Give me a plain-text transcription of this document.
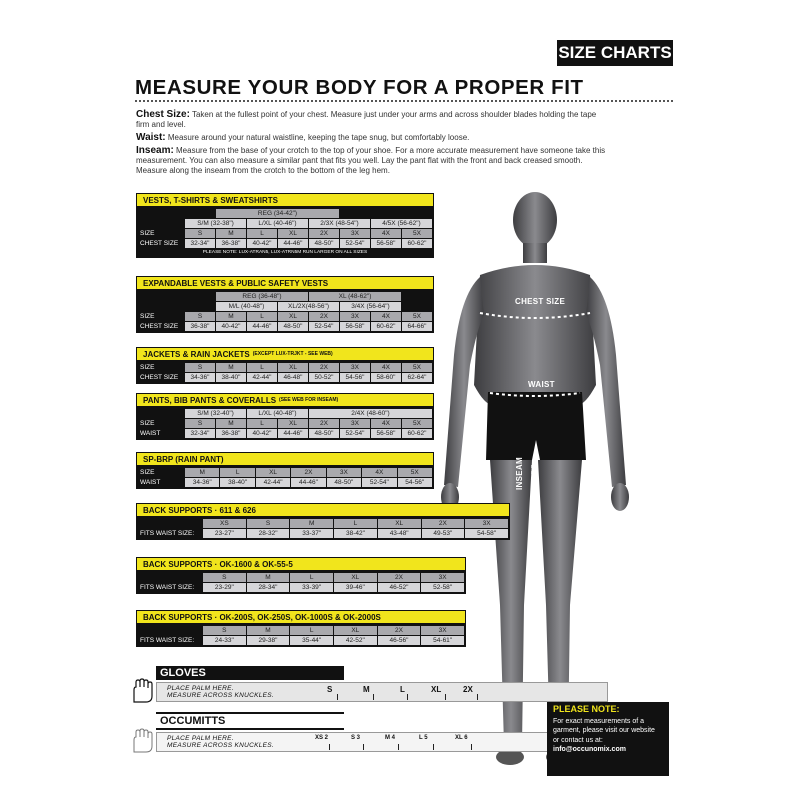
SIZE CHARTS
MEASURE YOUR BODY FOR A PROPER FIT

Chest Size: Taken at the fullest point of your chest. Measure just under your arms and across shoulder blades holding the tape firm and level.

Waist: Measure around your natural waistline, keeping the tape snug, but comfortably loose.

Inseam: Measure from the base of your crotch to the top of your shoe. For a more accurate measurement have someone take this measurement. You can also measure a similar pant that fits you well. Lay the pant flat with the front and back creased smooth. Measure along the inseam from the crotch to the bottom of the leg hem.

CHEST SIZE
WAIST
INSEAM
VESTS, T-SHIRTS & SWEATSHIRTS
		REG (34-42")						
	S/M (32-38")		L/XL (40-46")		2/3X (48-54")		4/5X (56-62")	
SIZE	S	M	L	XL	2X	3X	4X	5X
CHEST SIZE	32-34"	36-38"	40-42"	44-46"	48-50"	52-54"	56-58"	60-62"
PLEASE NOTE: LUX-ATRAN5, LUX-ATRN5M RUN LARGER ON ALL SIZES
EXPANDABLE VESTS & PUBLIC SAFETY VESTS
		REG (36-48")			XL (48-62")			
		M/L (40-48")		XL/2X(48-56")		3/4X (56-64")		
SIZE	S	M	L	XL	2X	3X	4X	5X
CHEST SIZE	36-38"	40-42"	44-46"	48-50"	52-54"	56-58"	60-62"	64-66"
JACKETS & RAIN JACKETS (EXCEPT LUX-TRJKT - SEE WEB)
SIZE	S	M	L	XL	2X	3X	4X	5X
CHEST SIZE	34-36"	38-40"	42-44"	46-48"	50-52"	54-56"	58-60"	62-64"
PANTS, BIB PANTS & COVERALLS (SEE WEB FOR INSEAM)
	S/M (32-40")		L/XL (40-48")		2/4X (48-60")			
SIZE	S	M	L	XL	2X	3X	4X	5X
WAIST	32-34"	36-38"	40-42"	44-46"	48-50"	52-54"	56-58"	60-62"
SP-BRP (RAIN PANT)
SIZE	M	L	XL	2X	3X	4X	5X
WAIST	34-36"	38-40"	42-44"	44-46"	48-50"	52-54"	54-56"
BACK SUPPORTS · 611 & 626
	XS	S	M	L	XL	2X	3X
FITS WAIST SIZE:	23-27"	28-32"	33-37"	38-42"	43-48"	49-53"	54-58"
BACK SUPPORTS · OK-1600 & OK-55-5
	S	M	L	XL	2X	3X
FITS WAIST SIZE:	23-29"	28-34"	33-39"	39-46"	46-52"	52-58"
BACK SUPPORTS · OK-200S, OK-250S, OK-1000S & OK-2000S
	S	M	L	XL	2X	3X
FITS WAIST SIZE:	24-33"	29-38"	35-44"	42-52"	46-56"	54-61"
GLOVES
PLACE PALM HERE.
MEASURE ACROSS KNUCKLES.
S	M	L	XL	2X
OCCUMITTS
PLACE PALM HERE.
MEASURE ACROSS KNUCKLES.
XS 2	S 3	M 4	L 5	XL 6
PLEASE NOTE:
For exact measurements of a garment, please visit our website or contact us at:
info@occunomix.com
